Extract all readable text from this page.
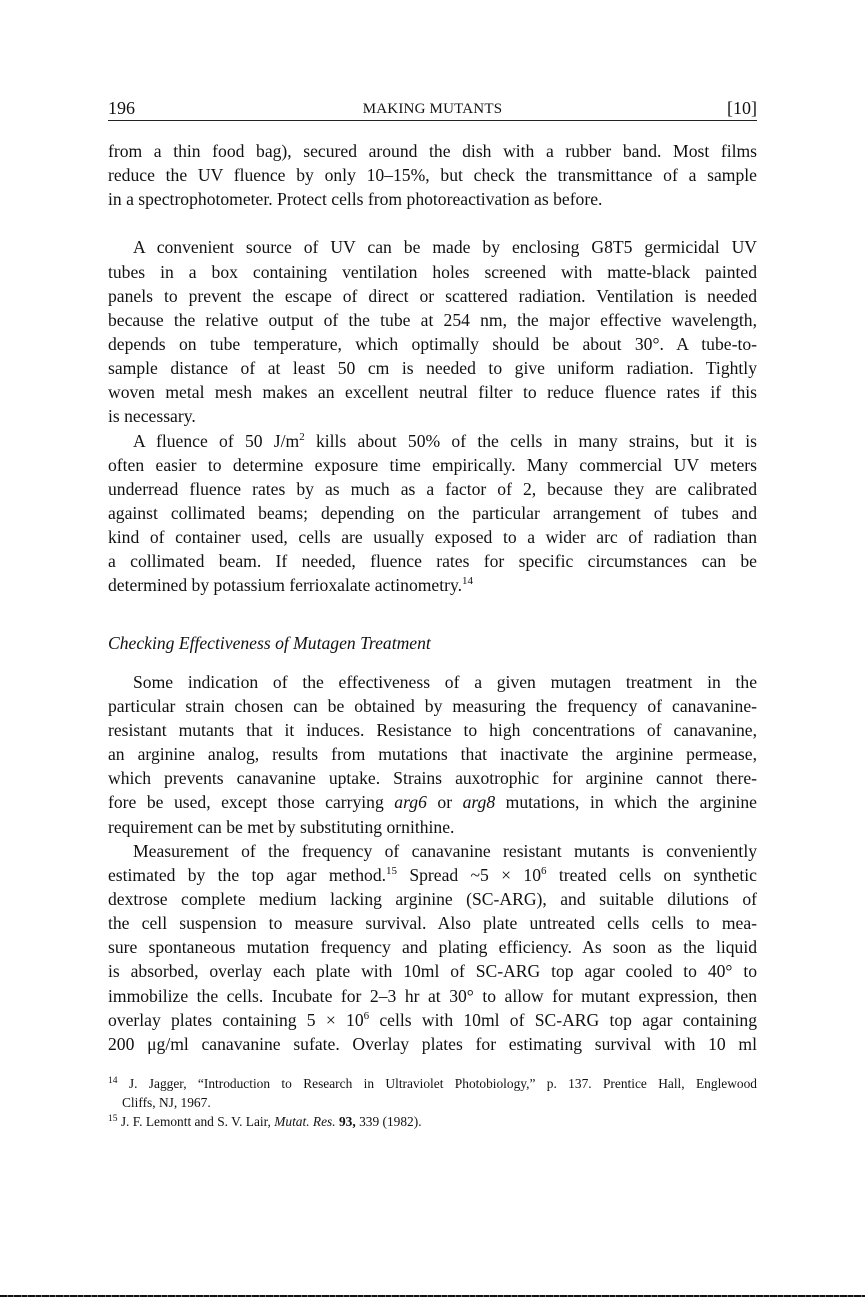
196	MAKING MUTANTS	[10]
from a thin food bag), secured around the dish with a rubber band. Most films
reduce the UV fluence by only 10–15%, but check the transmittance of a sample
in a spectrophotometer. Protect cells from photoreactivation as before.
A convenient source of UV can be made by enclosing G8T5 germicidal UV
tubes in a box containing ventilation holes screened with matte-black painted
panels to prevent the escape of direct or scattered radiation. Ventilation is needed
because the relative output of the tube at 254 nm, the major effective wavelength,
depends on tube temperature, which optimally should be about 30°. A tube-to-
sample distance of at least 50 cm is needed to give uniform radiation. Tightly
woven metal mesh makes an excellent neutral filter to reduce fluence rates if this
is necessary.
A fluence of 50 $J/m^2$ kills about 50% of the cells in many strains, but it is
often easier to determine exposure time empirically. Many commercial UV meters
underread fluence rates by as much as a factor of 2, because they are calibrated
against collimated beams; depending on the particular arrangement of tubes and
kind of container used, cells are usually exposed to a wider arc of radiation than
a collimated beam. If needed, fluence rates for specific circumstances can be
determined by potassium ferrioxalate actinometry.$^{14}$
Checking Effectiveness of Mutagen Treatment
Some indication of the effectiveness of a given mutagen treatment in the
particular strain chosen can be obtained by measuring the frequency of canavanine-
resistant mutants that it induces. Resistance to high concentrations of canavanine,
an arginine analog, results from mutations that inactivate the arginine permease,
which prevents canavanine uptake. Strains auxotrophic for arginine cannot there-
fore be used, except those carrying arg6 or arg8 mutations, in which the arginine
requirement can be met by substituting ornithine.
Measurement of the frequency of canavanine resistant mutants is conveniently
estimated by the top agar method.$^{15}$ Spread ~5 × $10^6$ treated cells on synthetic
dextrose complete medium lacking arginine (SC-ARG), and suitable dilutions of
the cell suspension to measure survival. Also plate untreated cells cells to mea-
sure spontaneous mutation frequency and plating efficiency. As soon as the liquid
is absorbed, overlay each plate with 10ml of SC-ARG top agar cooled to 40° to
immobilize the cells. Incubate for 2–3 hr at 30° to allow for mutant expression, then
overlay plates containing $5 \times 10^6$ cells with 10ml of SC-ARG top agar containing
200 μg/ml canavanine sufate. Overlay plates for estimating survival with 10 ml
$^{14}$ J. Jagger, “Introduction to Research in Ultraviolet Photobiology,” p. 137. Prentice Hall, Englewood
Cliffs, NJ, 1967.
$^{15}$ J. F. Lemontt and S. V. Lair, Mutat. Res. 93, 339 (1982).
